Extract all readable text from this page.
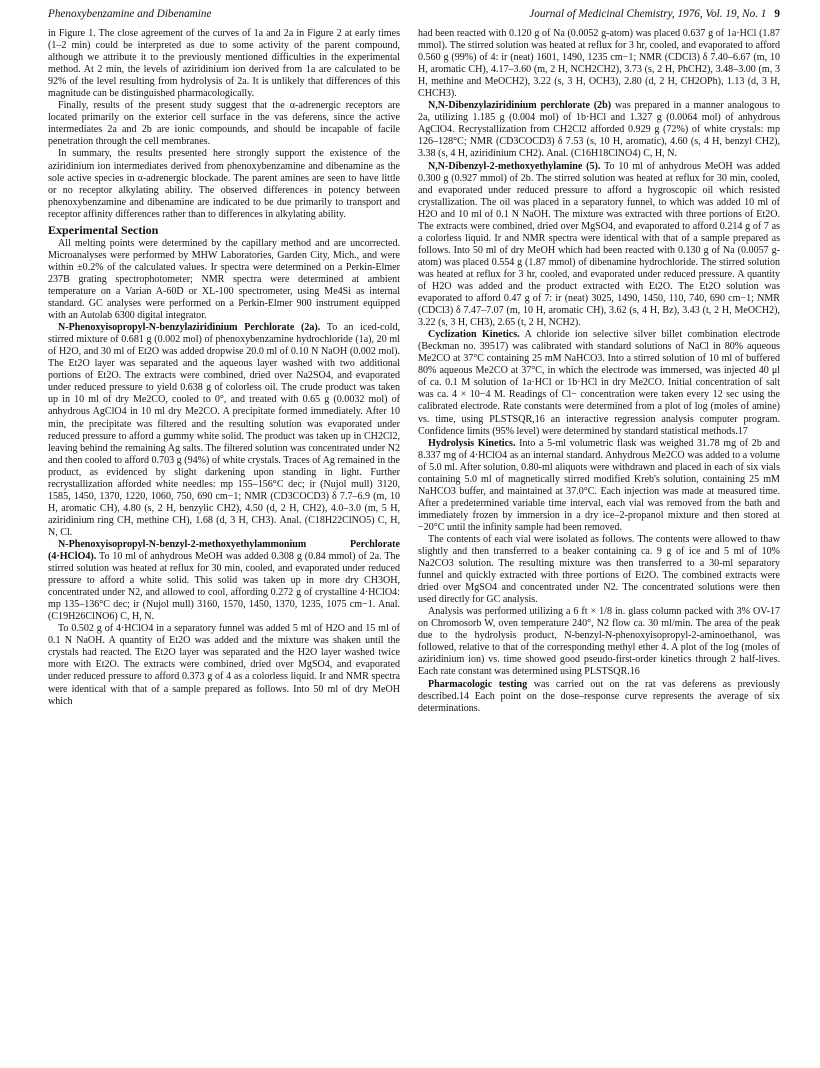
Phenoxybenzamine and Dibenamine	Journal of Medicinal Chemistry, 1976, Vol. 19, No. 1 9

in Figure 1. The close agreement of the curves of 1a and 2a in Figure 2 at early times (1–2 min) could be interpreted as due to some activity of the parent compound, although we attribute it to the previously mentioned difficulties in the experimental method. At 2 min, the levels of aziridinium ion derived from 1a are calculated to be 92% of the level resulting from hydrolysis of 2a. It is unlikely that differences of this magnitude can be distinguished pharmacologically.

Finally, results of the present study suggest that the α-adrenergic receptors are located primarily on the exterior cell surface in the vas deferens, since the active intermediates 2a and 2b are ionic compounds, and should be incapable of facile penetration through the cell membranes.

In summary, the results presented here strongly support the existence of the aziridinium ion intermediates derived from phenoxybenzamine and dibenamine as the sole active species in α-adrenergic blockade. The parent amines are seen to have little or no receptor alkylating ability. The observed differences in potency between phenoxybenzamine and dibenamine are indicated to be due primarily to transport and receptor affinity differences rather than to differences in alkylating ability.

Experimental Section

All melting points were determined by the capillary method and are uncorrected. Microanalyses were performed by MHW Laboratories, Garden City, Mich., and were within ±0.2% of the calculated values. Ir spectra were determined on a Perkin-Elmer 237B grating spectrophotometer; NMR spectra were determined at ambient temperature on a Varian A-60D or XL-100 spectrometer, using Me4Si as internal standard. GC analyses were performed on a Perkin-Elmer 900 instrument equipped with an Autolab 6300 digital integrator.

N-Phenoxyisopropyl-N-benzylaziridinium Perchlorate (2a). To an iced-cold, stirred mixture of 0.681 g (0.002 mol) of phenoxybenzamine hydrochloride (1a), 20 ml of H2O, and 30 ml of Et2O was added dropwise 20.0 ml of 0.10 N NaOH (0.002 mol). The Et2O layer was separated and the aqueous layer washed with two additional portions of Et2O. The extracts were combined, dried over Na2SO4, and evaporated under reduced pressure to yield 0.638 g of colorless oil. The crude product was taken up in 10 ml of dry Me2CO, cooled to 0°, and treated with 0.65 g (0.0032 mol) of anhydrous AgClO4 in 10 ml dry Me2CO. A precipitate formed immediately. After 10 min, the precipitate was filtered and the resulting solution was evaporated under reduced pressure to afford a gummy white solid. The product was taken up in CH2Cl2, leaving behind the remaining Ag salts. The filtered solution was concentrated under N2 and then cooled to afford 0.703 g (94%) of white crystals. Traces of Ag remained in the product, as evidenced by slight darkening upon standing in light. Further recrystallization afforded white needles: mp 155–156°C dec; ir (Nujol mull) 3120, 1585, 1450, 1370, 1220, 1060, 750, 690 cm−1; NMR (CD3COCD3) δ 7.7–6.9 (m, 10 H, aromatic CH), 4.80 (s, 2 H, benzylic CH2), 4.50 (d, 2 H, CH2), 4.0–3.0 (m, 5 H, aziridinium ring CH, methine CH), 1.68 (d, 3 H, CH3). Anal. (C18H22ClNO5) C, H, N, Cl.

N-Phenoxyisopropyl-N-benzyl-2-methoxyethylammonium Perchlorate (4·HClO4). To 10 ml of anhydrous MeOH was added 0.308 g (0.84 mmol) of 2a. The stirred solution was heated at reflux for 30 min, cooled, and evaporated under reduced pressure to afford a white solid. This solid was taken up in more dry CH3OH, concentrated under N2, and allowed to cool, affording 0.272 g of crystalline 4·HClO4: mp 135–136°C dec; ir (Nujol mull) 3160, 1570, 1450, 1370, 1235, 1075 cm−1. Anal. (C19H26ClNO6) C, H, N.

To 0.502 g of 4·HClO4 in a separatory funnel was added 5 ml of H2O and 15 ml of 0.1 N NaOH. A quantity of Et2O was added and the mixture was shaken until the crystals had reacted. The Et2O layer was separated and the H2O layer washed twice more with Et2O. The extracts were combined, dried over MgSO4, and evaporated under reduced pressure to afford 0.373 g of 4 as a colorless liquid. Ir and NMR spectra were identical with that of a sample prepared as follows. Into 50 ml of dry MeOH which

had been reacted with 0.120 g of Na (0.0052 g-atom) was placed 0.637 g of 1a·HCl (1.87 mmol). The stirred solution was heated at reflux for 3 hr, cooled, and evaporated to afford 0.560 g (99%) of 4: ir (neat) 1601, 1490, 1235 cm−1; NMR (CDCl3) δ 7.40–6.67 (m, 10 H, aromatic CH), 4.17–3.60 (m, 2 H, NCH2CH2), 3.73 (s, 2 H, PhCH2), 3.48–3.00 (m, 3 H, methine and MeOCH2), 3.22 (s, 3 H, OCH3), 2.80 (d, 2 H, CH2OPh), 1.13 (d, 3 H, CHCH3).

N,N-Dibenzylaziridinium perchlorate (2b) was prepared in a manner analogous to 2a, utilizing 1.185 g (0.004 mol) of 1b·HCl and 1.327 g (0.0064 mol) of anhydrous AgClO4. Recrystallization from CH2Cl2 afforded 0.929 g (72%) of white crystals: mp 126–128°C; NMR (CD3COCD3) δ 7.53 (s, 10 H, aromatic), 4.60 (s, 4 H, benzyl CH2), 3.38 (s, 4 H, aziridinium CH2). Anal. (C16H18ClNO4) C, H, N.

N,N-Dibenzyl-2-methoxyethylamine (5). To 10 ml of anhydrous MeOH was added 0.300 g (0.927 mmol) of 2b. The stirred solution was heated at reflux for 30 min, cooled, and evaporated under reduced pressure to afford a hygroscopic oil which resisted crystallization. The oil was placed in a separatory funnel, to which was added 10 ml of H2O and 10 ml of 0.1 N NaOH. The mixture was extracted with three portions of Et2O. The extracts were combined, dried over MgSO4, and evaporated to afford 0.214 g of 7 as a colorless liquid. Ir and NMR spectra were identical with that of a sample prepared as follows. Into 50 ml of dry MeOH which had been reacted with 0.130 g of Na (0.0057 g-atom) was placed 0.554 g (1.87 mmol) of dibenamine hydrochloride. The stirred solution was heated at reflux for 3 hr, cooled, and evaporated under reduced pressure. A quantity of H2O was added and the product extracted with Et2O. The Et2O solution was evaporated to afford 0.47 g of 7: ir (neat) 3025, 1490, 1450, 110, 740, 690 cm−1; NMR (CDCl3) δ 7.47–7.07 (m, 10 H, aromatic CH), 3.62 (s, 4 H, Bz), 3.43 (t, 2 H, MeOCH2), 3.22 (s, 3 H, CH3), 2.65 (t, 2 H, NCH2).

Cyclization Kinetics. A chloride ion selective silver billet combination electrode (Beckman no. 39517) was calibrated with standard solutions of NaCl in 80% aqueous Me2CO at 37°C containing 25 mM NaHCO3. Into a stirred solution of 10 ml of buffered 80% aqueous Me2CO at 37°C, in which the electrode was immersed, was injected 40 μl of ca. 0.1 M solution of 1a·HCl or 1b·HCl in dry Me2CO. Initial concentration of salt was ca. 4 × 10−4 M. Readings of Cl− concentration were taken every 12 sec using the calibrated electrode. Rate constants were determined from a plot of log (moles of amine) vs. time, using PLSTSQR,16 an interactive regression analysis computer program. Confidence limits (95% level) were determined by standard statistical methods.17

Hydrolysis Kinetics. Into a 5-ml volumetric flask was weighed 31.78 mg of 2b and 8.337 mg of 4·HClO4 as an internal standard. Anhydrous Me2CO was added to a volume of 5.0 ml. After solution, 0.80-ml aliquots were withdrawn and placed in each of six vials containing 5.0 ml of magnetically stirred modified Kreb's solution, containing 25 mM NaHCO3 buffer, and maintained at 37.0°C. Each injection was made at measured time. After a predetermined variable time interval, each vial was removed from the bath and immediately frozen by immersion in a dry ice–2-propanol mixture and then stored at −20°C until the infinity sample had been removed.

The contents of each vial were isolated as follows. The contents were allowed to thaw slightly and then transferred to a beaker containing ca. 9 g of ice and 5 ml of 10% Na2CO3 solution. The resulting mixture was then transferred to a 30-ml separatory funnel and quickly extracted with three portions of Et2O. The combined extracts were dried over MgSO4 and concentrated under N2. The concentrated solutions were then used directly for GC analysis.

Analysis was performed utilizing a 6 ft × 1/8 in. glass column packed with 3% OV-17 on Chromosorb W, oven temperature 240°, N2 flow ca. 30 ml/min. The area of the peak due to the hydrolysis product, N-benzyl-N-phenoxyisopropyl-2-aminoethanol, was followed, relative to that of the corresponding methyl ether 4. A plot of the log (moles of aziridinium ion) vs. time showed good pseudo-first-order kinetics through 2 half-lives. Each rate constant was determined using PLSTSQR.16

Pharmacologic testing was carried out on the rat vas deferens as previously described.14 Each point on the dose–response curve represents the average of six determinations.
